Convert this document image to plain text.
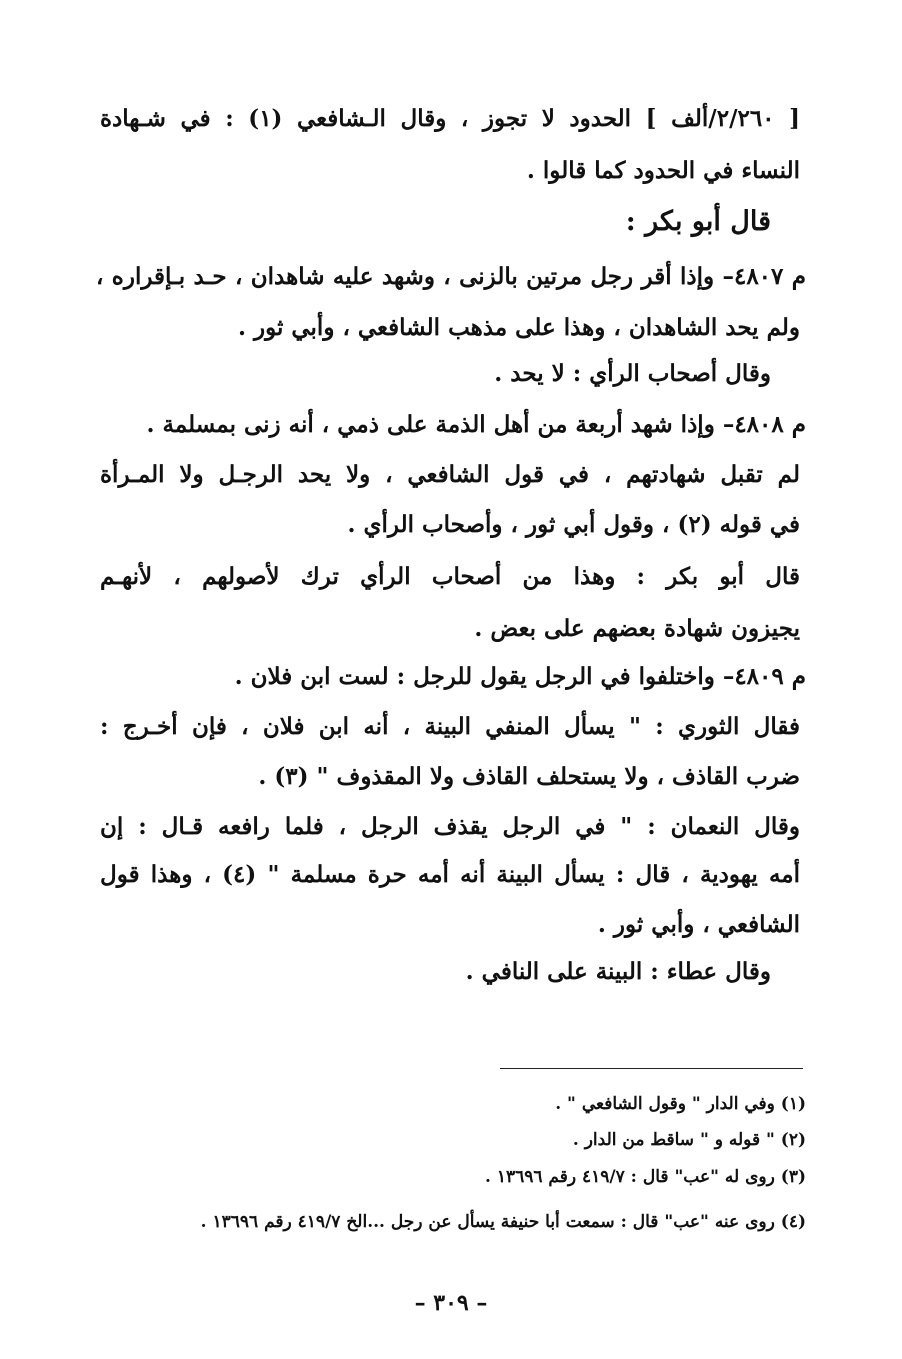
[ ٢/٢٦٠/ألف ] الحدود لا تجوز ، وقال الـشافعي (١) : في شـهادة
النساء في الحدود كما قالوا .
قال أبو بكر :
م ٤٨٠٧– وإذا أقر رجل مرتين بالزنى ، وشهد عليه شاهدان ، حـد بـإقراره ،
ولم يحد الشاهدان ، وهذا على مذهب الشافعي ، وأبي ثور .
وقال أصحاب الرأي : لا يحد .
م ٤٨٠٨– وإذا شهد أربعة من أهل الذمة على ذمي ، أنه زنى بمسلمة .
لم تقبل شهادتهم ، في قول الشافعي ، ولا يحد الرجـل ولا المـرأة
في قوله (٢) ، وقول أبي ثور ، وأصحاب الرأي .
قال أبو بكر : وهذا من أصحاب الرأي ترك لأصولهم ، لأنهـم
يجيزون شهادة بعضهم على بعض .
م ٤٨٠٩– واختلفوا في الرجل يقول للرجل : لست ابن فلان .
فقال الثوري : " يسأل المنفي البينة ، أنه ابن فلان ، فإن أخـرج :
ضرب القاذف ، ولا يستحلف القاذف ولا المقذوف " (٣) .
وقال النعمان : " في الرجل يقذف الرجل ، فلما رافعه قـال : إن
أمه يهودية ، قال : يسأل البينة أنه أمه حرة مسلمة " (٤) ، وهذا قول
الشافعي ، وأبي ثور .
وقال عطاء : البينة على النافي .
(١) وفي الدار " وقول الشافعي " .
(٢) " قوله و " ساقط من الدار .
(٣) روى له "عب" قال : ٤١٩/٧ رقم ١٣٦٩٦ .
(٤) روى عنه "عب" قال : سمعت أبا حنيفة يسأل عن رجل ...الخ ٤١٩/٧ رقم ١٣٦٩٦ .
– ٣٠٩ –
